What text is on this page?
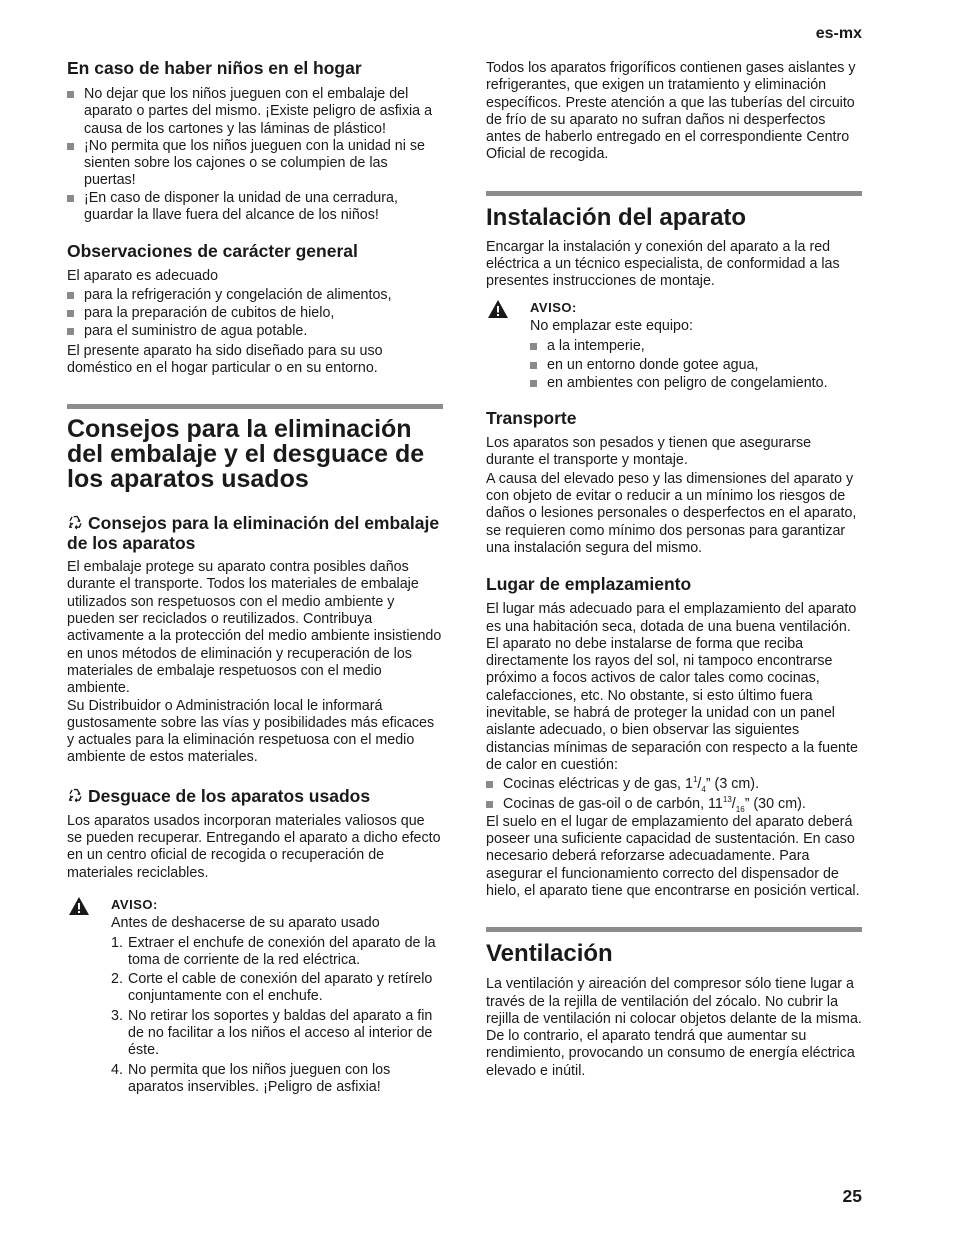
es-mx
En caso de haber niños en el hogar
No dejar que los niños jueguen con el embalaje del aparato o partes del mismo. ¡Existe peligro de asfixia a causa de los cartones y las láminas de plástico!
¡No permita que los niños jueguen con la unidad ni se sienten sobre los cajones o se columpien de las puertas!
¡En caso de disponer la unidad de una cerradura, guardar la llave fuera del alcance de los niños!
Observaciones de carácter general

El aparato es adecuado

para la refrigeración y congelación de alimentos,
para la preparación de cubitos de hielo,
para el suministro de agua potable.

El presente aparato ha sido diseñado para su uso doméstico en el hogar particular o en su entorno.

Consejos para la eliminación del embalaje y el desguace de los aparatos usados
Consejos para la eliminación del embalaje de los aparatos

El embalaje protege su aparato contra posibles daños durante el transporte. Todos los materiales de embalaje utilizados son respetuosos con el medio ambiente y pueden ser reciclados o reutilizados. Contribuya activamente a la protección del medio ambiente insistiendo en unos métodos de eliminación y recuperación de los materiales de embalaje respetuosos con el medio ambiente.

Su Distribuidor o Administración local le informará gustosamente sobre las vías y posibilidades más eficaces y actuales para la eliminación respetuosa con el medio ambiente de estos materiales.

Desguace de los aparatos usados

Los aparatos usados incorporan materiales valiosos que se pueden recuperar. Entregando el aparato a dicho efecto en un centro oficial de recogida o recuperación de materiales reciclables.

AVISO:

Antes de deshacerse de su aparato usado

1. Extraer el enchufe de conexión del aparato de la toma de corriente de la red eléctrica.
2. Corte el cable de conexión del aparato y retírelo conjuntamente con el enchufe.
3. No retirar los soportes y baldas del aparato a fin de no facilitar a los niños el acceso al interior de éste.
4. No permita que los niños jueguen con los aparatos inservibles. ¡Peligro de asfixia!

Todos los aparatos frigoríficos contienen gases aislantes y refrigerantes, que exigen un tratamiento y eliminación específicos. Preste atención a que las tuberías del circuito de frío de su aparato no sufran daños ni desperfectos antes de haberlo entregado en el correspondiente Centro Oficial de recogida.

Instalación del aparato

Encargar la instalación y conexión del aparato a la red eléctrica a un técnico especialista, de conformidad a las presentes instrucciones de montaje.

AVISO:

No emplazar este equipo:

a la intemperie,
en un entorno donde gotee agua,
en ambientes con peligro de congelamiento.
Transporte

Los aparatos son pesados y tienen que asegurarse durante el transporte y montaje.

A causa del elevado peso y las dimensiones del aparato y con objeto de evitar o reducir a un mínimo los riesgos de daños o lesiones personales o desperfectos en el aparato, se requieren como mínimo dos personas para garantizar una instalación segura del mismo.

Lugar de emplazamiento

El lugar más adecuado para el emplazamiento del aparato es una habitación seca, dotada de una buena ventilación. El aparato no debe instalarse de forma que reciba directamente los rayos del sol, ni tampoco encontrarse próximo a focos activos de calor tales como cocinas, calefacciones, etc. No obstante, si esto último fuera inevitable, se habrá de proteger la unidad con un panel aislante adecuado, o bien observar las siguientes distancias mínimas de separación con respecto a la fuente de calor en cuestión:

Cocinas eléctricas y de gas, $1^1/_4$” (3 cm).
Cocinas de gas-oil o de carbón, $11^{13}/_{16}$” (30 cm).

El suelo en el lugar de emplazamiento del aparato deberá poseer una suficiente capacidad de sustentación. En caso necesario deberá reforzarse adecuadamente. Para asegurar el funcionamiento correcto del dispensador de hielo, el aparato tiene que encontrarse en posición vertical.

Ventilación

La ventilación y aireación del compresor sólo tiene lugar a través de la rejilla de ventilación del zócalo. No cubrir la rejilla de ventilación ni colocar objetos delante de la misma. De lo contrario, el aparato tendrá que aumentar su rendimiento, provocando un consumo de energía eléctrica elevado e inútil.

25
